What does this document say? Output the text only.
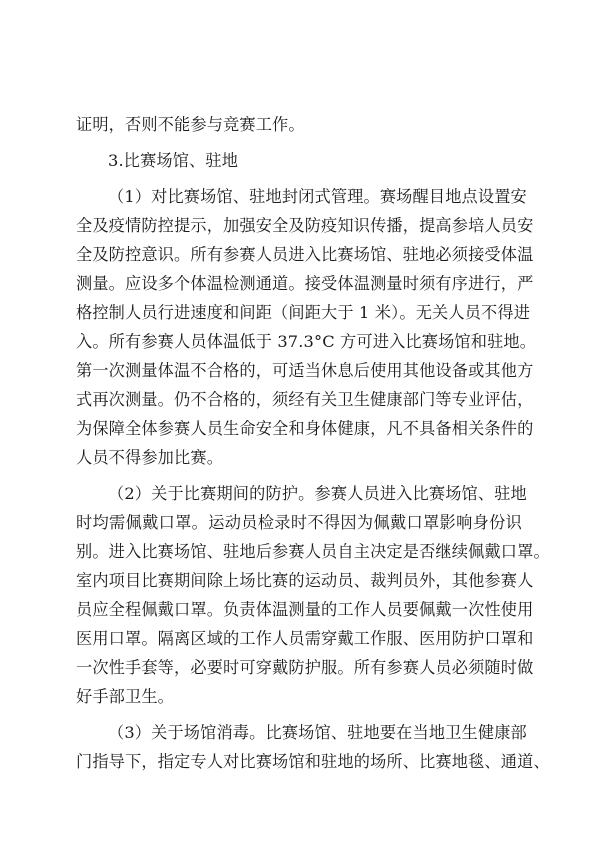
证明，否则不能参与竞赛工作。
3.比赛场馆、驻地
（1）对比赛场馆、驻地封闭式管理。赛场醒目地点设置安
全及疫情防控提示，加强安全及防疫知识传播，提高参培人员安
全及防控意识。所有参赛人员进入比赛场馆、驻地必须接受体温
测量。应设多个体温检测通道。接受体温测量时须有序进行，严
格控制人员行进速度和间距（间距大于 1 米）。无关人员不得进
入。所有参赛人员体温低于 37.3°C 方可进入比赛场馆和驻地。
第一次测量体温不合格的，可适当休息后使用其他设备或其他方
式再次测量。仍不合格的，须经有关卫生健康部门等专业评估，
为保障全体参赛人员生命安全和身体健康，凡不具备相关条件的
人员不得参加比赛。
（2）关于比赛期间的防护。参赛人员进入比赛场馆、驻地
时均需佩戴口罩。运动员检录时不得因为佩戴口罩影响身份识
别。进入比赛场馆、驻地后参赛人员自主决定是否继续佩戴口罩。
室内项目比赛期间除上场比赛的运动员、裁判员外，其他参赛人
员应全程佩戴口罩。负责体温测量的工作人员要佩戴一次性使用
医用口罩。隔离区域的工作人员需穿戴工作服、医用防护口罩和
一次性手套等，必要时可穿戴防护服。所有参赛人员必须随时做
好手部卫生。
（3）关于场馆消毒。比赛场馆、驻地要在当地卫生健康部
门指导下，指定专人对比赛场馆和驻地的场所、比赛地毯、通道、
